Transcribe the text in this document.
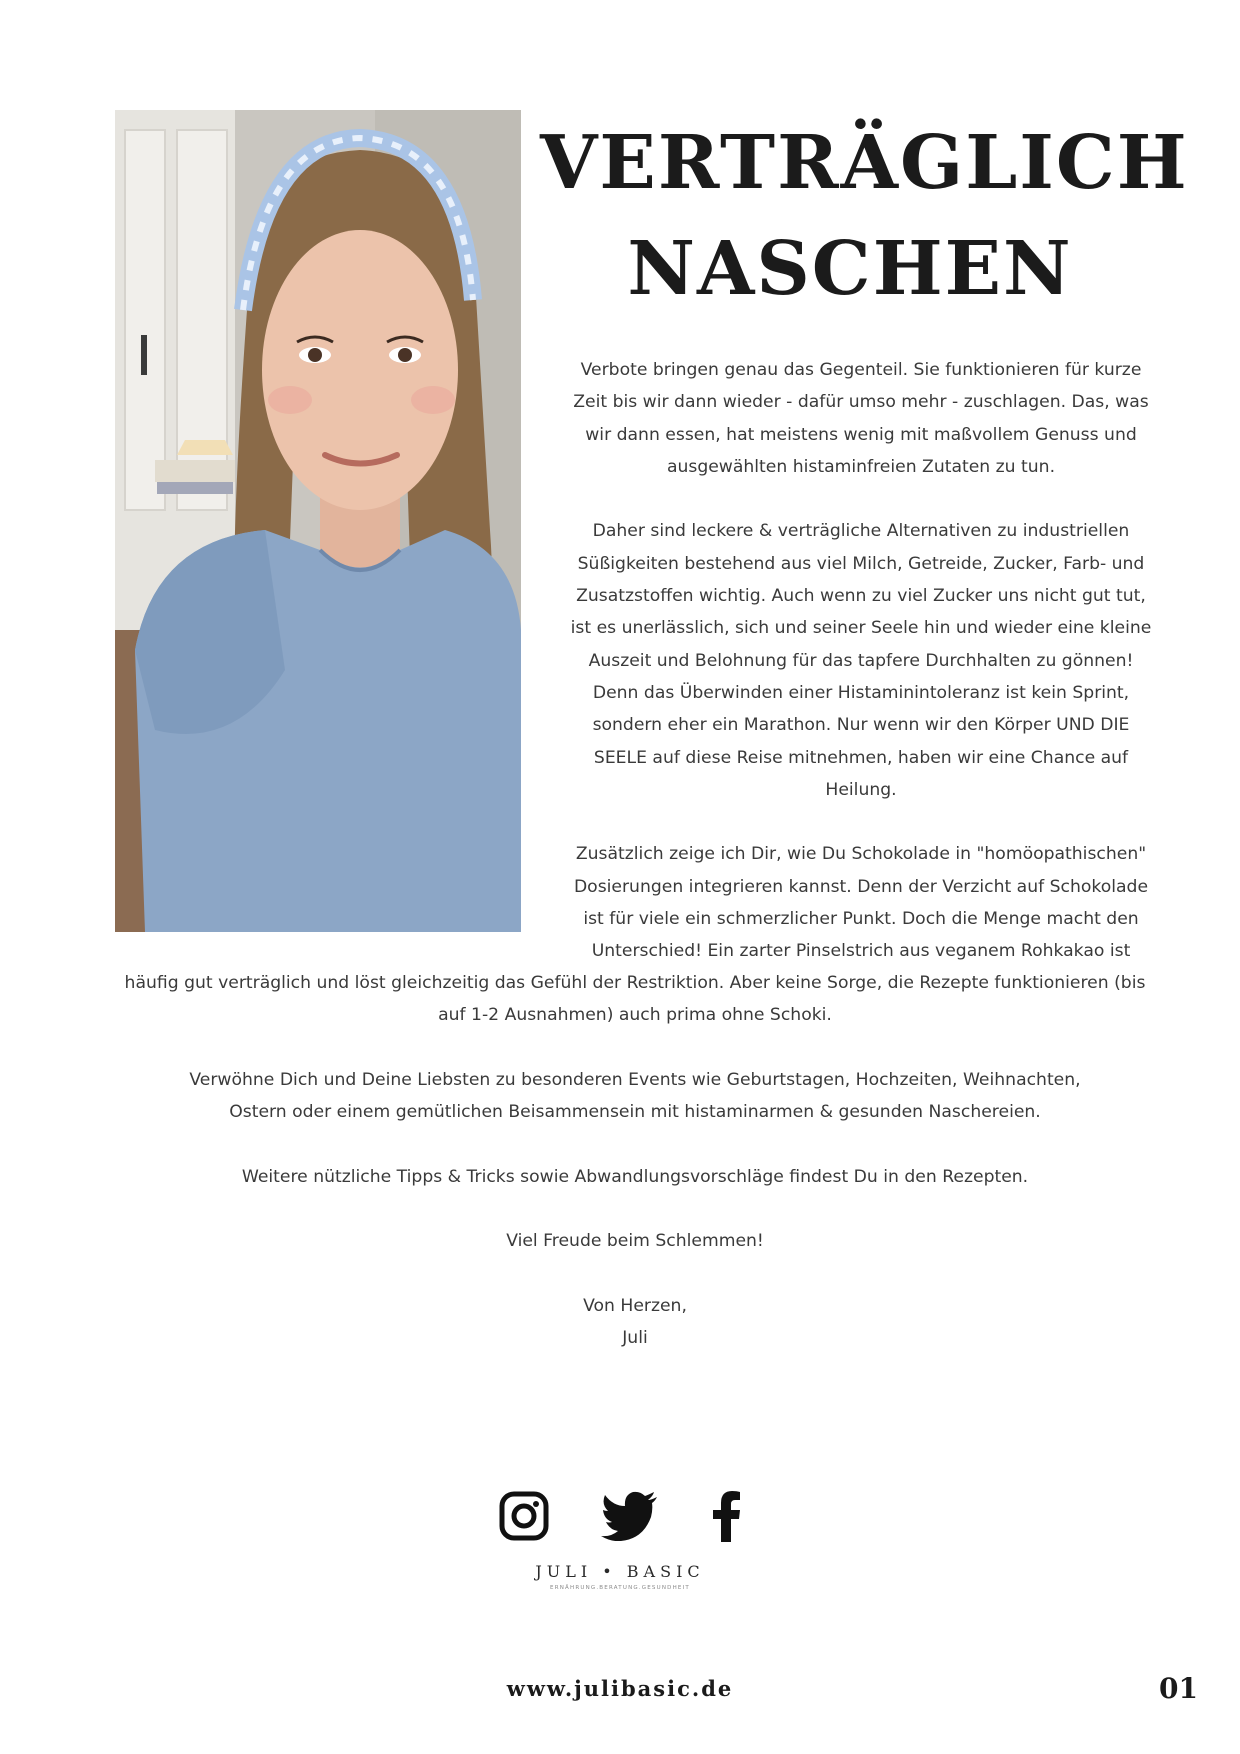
VERTRÄGLICH
NASCHEN

Verbote bringen genau das Gegenteil. Sie funktionieren für kurze Zeit bis wir dann wieder - dafür umso mehr - zuschlagen. Das, was wir dann essen, hat meistens wenig mit maßvollem Genuss und ausgewählten histaminfreien Zutaten zu tun.

Daher sind leckere & verträgliche Alternativen zu industriellen Süßigkeiten bestehend aus viel Milch, Getreide, Zucker, Farb- und Zusatzstoffen wichtig. Auch wenn zu viel Zucker uns nicht gut tut, ist es unerlässlich, sich und seiner Seele hin und wieder eine kleine Auszeit und Belohnung für das tapfere Durchhalten zu gönnen! Denn das Überwinden einer Histaminintoleranz ist kein Sprint, sondern eher ein Marathon. Nur wenn wir den Körper UND DIE SEELE auf diese Reise mitnehmen, haben wir eine Chance auf Heilung.

Zusätzlich zeige ich Dir, wie Du Schokolade in "homöopathischen" Dosierungen integrieren kannst. Denn der Verzicht auf Schokolade ist für viele ein schmerzlicher Punkt. Doch die Menge macht den Unterschied! Ein zarter Pinselstrich aus veganem Rohkakao ist

häufig gut verträglich und löst gleichzeitig das Gefühl der Restriktion. Aber keine Sorge, die Rezepte funktionieren (bis auf 1-2 Ausnahmen) auch prima ohne Schoki.

Verwöhne Dich und Deine Liebsten zu besonderen Events wie Geburtstagen, Hochzeiten, Weihnachten, Ostern oder einem gemütlichen Beisammensein mit histaminarmen & gesunden Naschereien.

Weitere nützliche Tipps & Tricks sowie Abwandlungsvorschläge findest Du in den Rezepten.

Viel Freude beim Schlemmen!

Von Herzen,
Juli

JULI • BASIC
ERNÄHRUNG.BERATUNG.GESUNDHEIT
www.julibasic.de	01
